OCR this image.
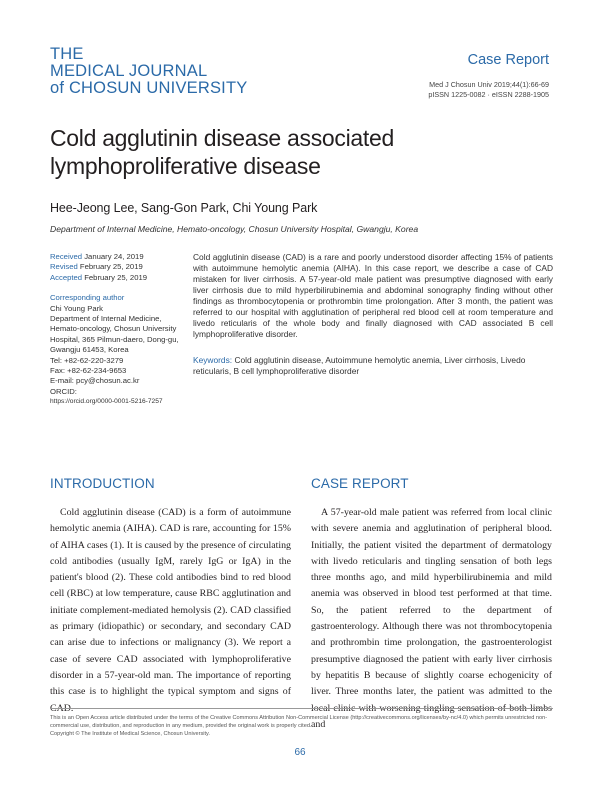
THE
MEDICAL JOURNAL
of CHOSUN UNIVERSITY
Case Report
Med J Chosun Univ 2019;44(1):66-69
pISSN 1225-0082 · eISSN 2288-1905
Cold agglutinin disease associated lymphoproliferative disease
Hee-Jeong Lee, Sang-Gon Park, Chi Young Park
Department of Internal Medicine, Hemato-oncology, Chosun University Hospital, Gwangju, Korea
Received January 24, 2019
Revised February 25, 2019
Accepted February 25, 2019
Corresponding author
Chi Young Park
Department of Internal Medicine, Hemato-oncology, Chosun University Hospital, 365 Pilmun-daero, Dong-gu, Gwangju 61453, Korea
Tel: +82-62-220-3279
Fax: +82-62-234-9653
E-mail: pcy@chosun.ac.kr
ORCID:
https://orcid.org/0000-0001-5216-7257
Cold agglutinin disease (CAD) is a rare and poorly understood disorder affecting 15% of patients with autoimmune hemolytic anemia (AIHA). In this case report, we describe a case of CAD mistaken for liver cirrhosis. A 57-year-old male patient was presumptive diagnosed with early liver cirrhosis due to mild hyperbilirubinemia and abdominal sonography finding without other findings as thrombocytopenia or prothrombin time prolongation. After 3 month, the patient was referred to our hospital with agglutination of peripheral red blood cell at room temperature and livedo reticularis of the whole body and finally diagnosed with CAD associated B cell lymphoproliferative disorder.
Keywords: Cold agglutinin disease, Autoimmune hemolytic anemia, Liver cirrhosis, Livedo reticularis, B cell lymphoproliferative disorder
INTRODUCTION

Cold agglutinin disease (CAD) is a form of autoimmune hemolytic anemia (AIHA). CAD is rare, accounting for 15% of AIHA cases (1). It is caused by the presence of circulating cold antibodies (usually IgM, rarely IgG or IgA) in the patient's blood (2). These cold antibodies bind to red blood cell (RBC) at low temperature, cause RBC agglutination and initiate complement-mediated hemolysis (2). CAD classified as primary (idiopathic) or secondary, and secondary CAD can arise due to infections or malignancy (3). We report a case of severe CAD associated with lymphoproliferative disorder in a 57-year-old man. The importance of reporting this case is to highlight the typical symptom and signs of CAD.

CASE REPORT

A 57-year-old male patient was referred from local clinic with severe anemia and agglutination of peripheral blood. Initially, the patient visited the department of dermatology with livedo reticularis and tingling sensation of both legs three months ago, and mild hyperbilirubinemia and mild anemia was observed in blood test performed at that time. So, the patient referred to the department of gastroenterology. Although there was not thrombocytopenia and prothrombin time prolongation, the gastroenterologist presumptive diagnosed the patient with early liver cirrhosis by hepatitis B because of slightly coarse echogenicity of liver. Three months later, the patient was admitted to the local clinic with worsening tingling sensation of both limbs and

This is an Open Access article distributed under the terms of the Creative Commons Attribution Non-Commercial License (http://creativecommons.org/licenses/by-nc/4.0) which permits unrestricted non-commercial use, distribution, and reproduction in any medium, provided the original work is properly cited.
Copyright © The Institute of Medical Science, Chosun University.
66
